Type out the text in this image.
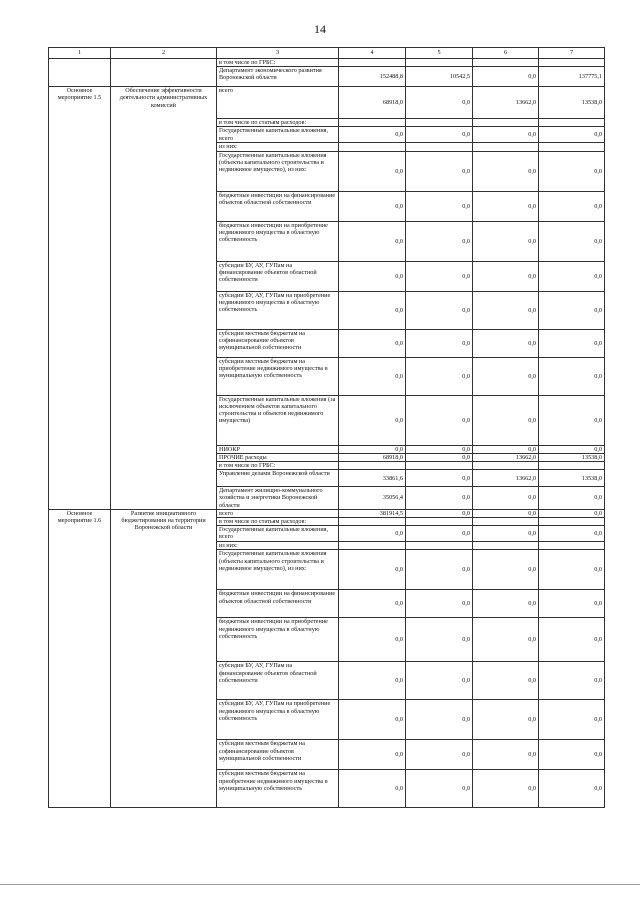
14
1	2	3	4	5	6	7
		в том числе по ГРБС:				
		Департамент экономического развития Воронежской области	152488,8	10542,5	0,0	137775,1
Основное мероприятие 1.5	Обеспечение эффективности деятельности административных комиссий	всего	68918,0	0,0	13662,0	13538,0
		в том числе по статьям расходов:				
		Государственные капитальные вложения, всего	0,0	0,0	0,0	0,0
		из них:				
		Государственные капитальные вложения (объекты капитального строительства и недвижимое имущество), из них:	0,0	0,0	0,0	0,0
		бюджетные инвестиции на финансирование объектов областной собственности	0,0	0,0	0,0	0,0
		бюджетные инвестиции на приобретение недвижимого имущества в областную собственность	0,0	0,0	0,0	0,0
		субсидии БУ, АУ, ГУПам на финансирование объектов областной собственности	0,0	0,0	0,0	0,0
		субсидии БУ, АУ, ГУПам на приобретение недвижимого имущества в областную собственность	0,0	0,0	0,0	0,0
		субсидии местным бюджетам на софинансирование объектов муниципальной собственности	0,0	0,0	0,0	0,0
		субсидии местным бюджетам на приобретение недвижимого имущества в муниципальную собственность	0,0	0,0	0,0	0,0
		Государственные капитальные вложения (за исключением объектов капитального строительства и объектов недвижимого имущества)	0,0	0,0	0,0	0,0
		НИОКР	0,0	0,0	0,0	0,0
		ПРОЧИЕ расходы	68918,0	0,0	13662,0	13538,0
		в том числе по ГРБС:				
		Управление делами Воронежской области	33861,6	0,0	13662,0	13538,0
		Департамент жилищно-коммунального хозяйства и энергетики Воронежской области	35056,4	0,0	0,0	0,0
Основное мероприятие 1.6	Развитие инициативного бюджетирования на территории Воронежской области	всего	381914,5	0,0	0,0	0,0
		в том числе по статьям расходов:				
		Государственные капитальные вложения, всего	0,0	0,0	0,0	0,0
		из них:				
		Государственные капитальные вложения (объекты капитального строительства и недвижимое имущество), из них:	0,0	0,0	0,0	0,0
		бюджетные инвестиции на финансирование объектов областной собственности	0,0	0,0	0,0	0,0
		бюджетные инвестиции на приобретение недвижимого имущества в областную собственность	0,0	0,0	0,0	0,0
		субсидии БУ, АУ, ГУПам на финансирование объектов областной собственности	0,0	0,0	0,0	0,0
		субсидии БУ, АУ, ГУПам на приобретение недвижимого имущества в областную собственность	0,0	0,0	0,0	0,0
		субсидии местным бюджетам на софинансирование объектов муниципальной собственности	0,0	0,0	0,0	0,0
		субсидии местным бюджетам на приобретение недвижимого имущества в муниципальную собственность	0,0	0,0	0,0	0,0
